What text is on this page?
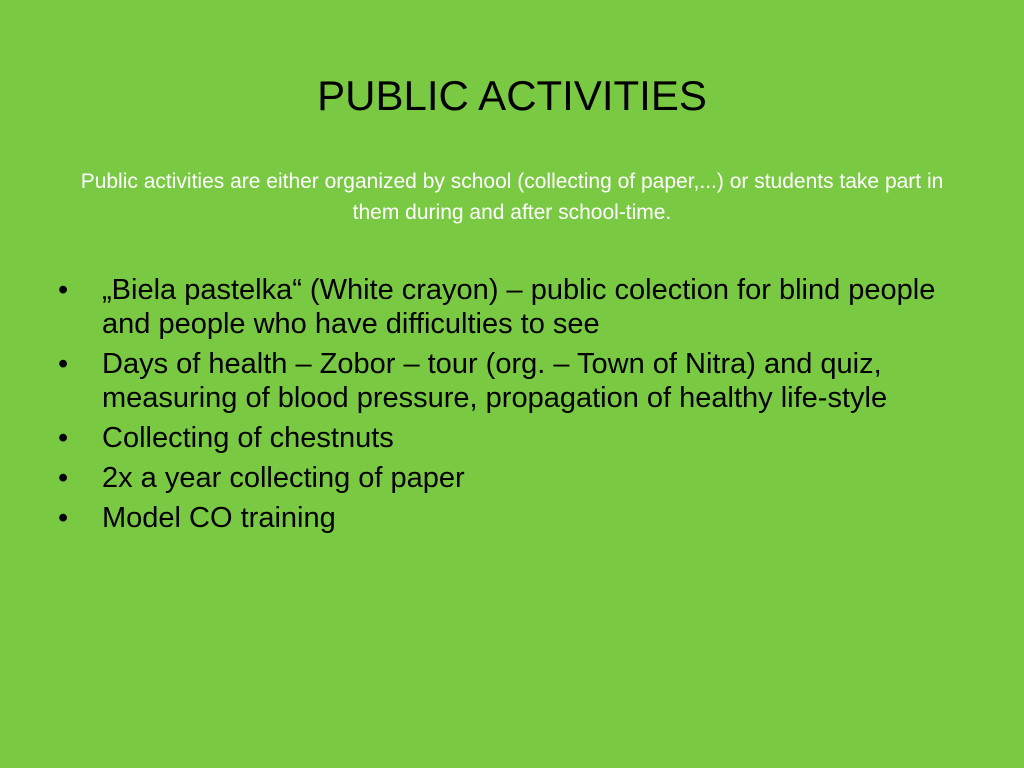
PUBLIC ACTIVITIES

Public activities are either organized by school (collecting of paper,...) or students take part in them during and after school-time.

•	„Biela pastelka“ (White crayon) – public colection for blind people and people who have difficulties to see
•	Days of health – Zobor – tour (org. – Town of Nitra) and quiz, measuring of blood pressure, propagation of healthy life-style
•	Collecting of chestnuts
•	2x a year collecting of paper
•	Model CO training
